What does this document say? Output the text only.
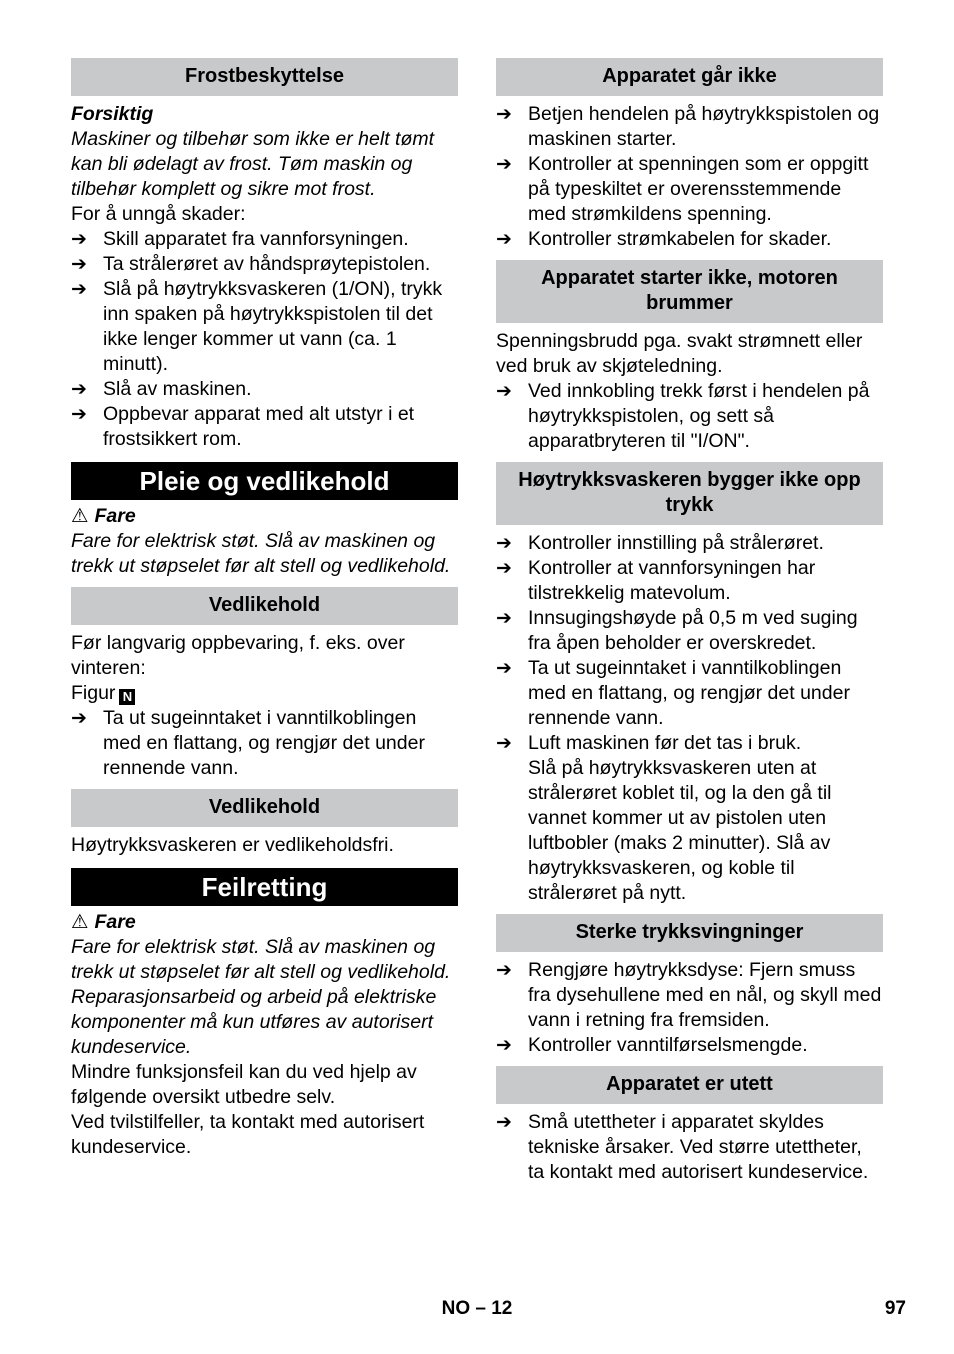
Frostbeskyttelse

Forsiktig

Maskiner og tilbehør som ikke er helt tømt kan bli ødelagt av frost. Tøm maskin og tilbehør komplett og sikre mot frost.

For å unngå skader:

➔ Skill apparatet fra vannforsyningen.
➔ Ta strålerøret av håndsprøytepistolen.
➔ Slå på høytrykksvaskeren (1/ON), trykk inn spaken på høytrykkspistolen til det ikke lenger kommer ut vann (ca. 1 minutt).
➔ Slå av maskinen.
➔ Oppbevar apparat med alt utstyr i et frostsikkert rom.
Pleie og vedlikehold

⚠ Fare

Fare for elektrisk støt. Slå av maskinen og trekk ut støpselet før alt stell og vedlikehold.

Vedlikehold

Før langvarig oppbevaring, f. eks. over vinteren:

Figur N

➔ Ta ut sugeinntaket i vanntilkoblingen med en flattang, og rengjør det under rennende vann.
Vedlikehold

Høytrykksvaskeren er vedlikeholdsfri.

Feilretting

⚠ Fare

Fare for elektrisk støt. Slå av maskinen og trekk ut støpselet før alt stell og vedlikehold.

Reparasjonsarbeid og arbeid på elektriske komponenter må kun utføres av autorisert kundeservice.

Mindre funksjonsfeil kan du ved hjelp av følgende oversikt utbedre selv.

Ved tvilstilfeller, ta kontakt med autorisert kundeservice.

Apparatet går ikke
➔ Betjen hendelen på høytrykkspistolen og maskinen starter.
➔ Kontroller at spenningen som er oppgitt på typeskiltet er overensstemmende med strømkildens spenning.
➔ Kontroller strømkabelen for skader.
Apparatet starter ikke, motoren brummer

Spenningsbrudd pga. svakt strømnett eller ved bruk av skjøteledning.

➔ Ved innkobling trekk først i hendelen på høytrykkspistolen, og sett så apparatbryteren til "I/ON".
Høytrykksvaskeren bygger ikke opp trykk
➔ Kontroller innstilling på strålerøret.
➔ Kontroller at vannforsyningen har tilstrekkelig matevolum.
➔ Innsugingshøyde på 0,5 m ved suging fra åpen beholder er overskredet.
➔ Ta ut sugeinntaket i vanntilkoblingen med en flattang, og rengjør det under rennende vann.
➔ Luft maskinen før det tas i bruk.
Slå på høytrykksvaskeren uten at strålerøret koblet til, og la den gå til vannet kommer ut av pistolen uten luftbobler (maks 2 minutter). Slå av høytrykksvaskeren, og koble til strålerøret på nytt.
Sterke trykksvingninger
➔ Rengjøre høytrykksdyse: Fjern smuss fra dysehullene med en nål, og skyll med vann i retning fra fremsiden.
➔ Kontroller vanntilførselsmengde.
Apparatet er utett
➔ Små utettheter i apparatet skyldes tekniske årsaker. Ved større utettheter, ta kontakt med autorisert kundeservice.
NO – 12	97
